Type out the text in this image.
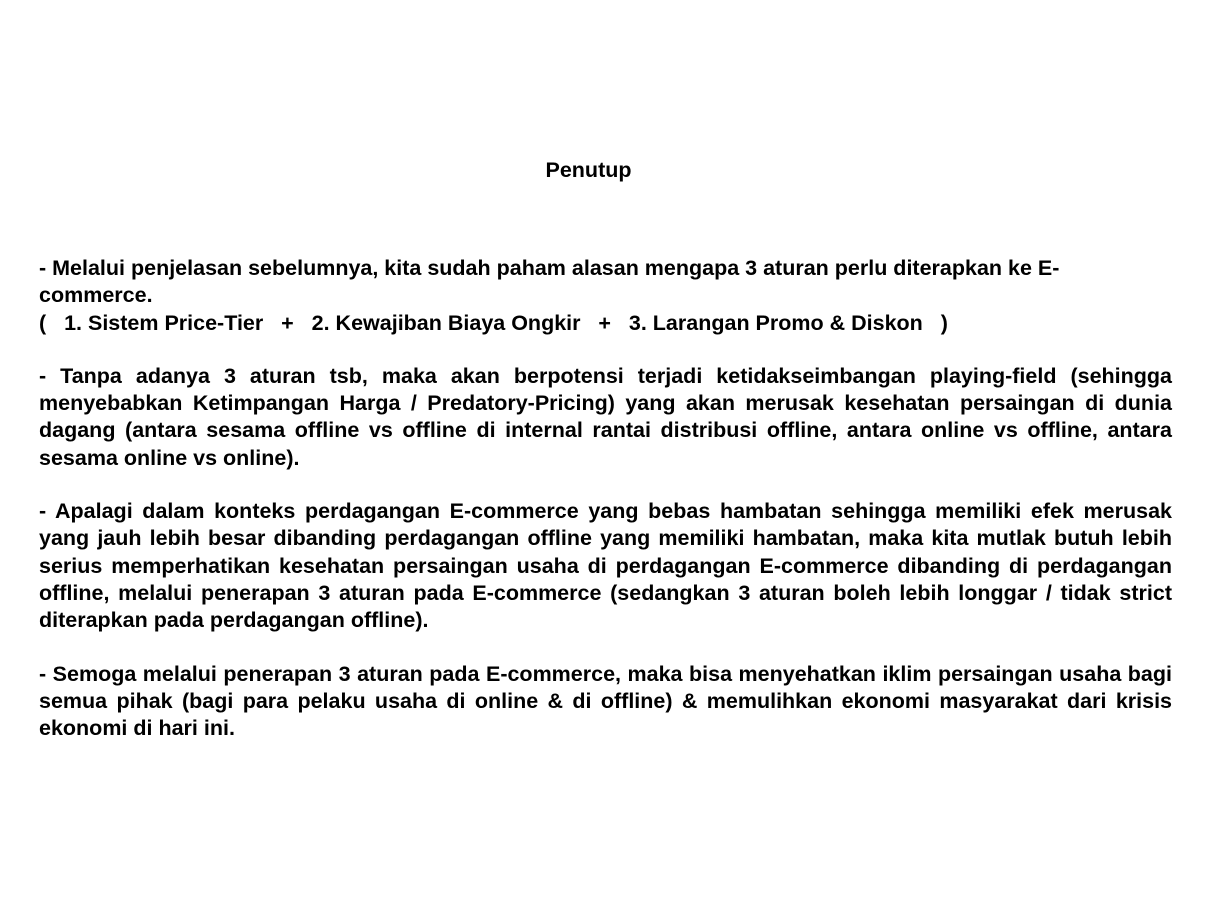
Penutup

- Melalui penjelasan sebelumnya, kita sudah paham alasan mengapa 3 aturan perlu diterapkan ke E-commerce.
(   1. Sistem Price-Tier   +   2. Kewajiban Biaya Ongkir   +   3. Larangan Promo & Diskon   )

- Tanpa adanya 3 aturan tsb, maka akan berpotensi terjadi ketidakseimbangan playing-field (sehingga menyebabkan Ketimpangan Harga / Predatory-Pricing) yang akan merusak kesehatan persaingan di dunia dagang (antara sesama offline vs offline di internal rantai distribusi offline, antara online vs offline, antara sesama online vs online).

- Apalagi dalam konteks perdagangan E-commerce yang bebas hambatan sehingga memiliki efek merusak yang jauh lebih besar dibanding perdagangan offline yang memiliki hambatan, maka kita mutlak butuh lebih serius memperhatikan kesehatan persaingan usaha di perdagangan E-commerce dibanding di perdagangan offline, melalui penerapan 3 aturan pada E-commerce (sedangkan 3 aturan boleh lebih longgar / tidak strict diterapkan pada perdagangan offline).

- Semoga melalui penerapan 3 aturan pada E-commerce, maka bisa menyehatkan iklim persaingan usaha bagi semua pihak (bagi para pelaku usaha di online & di offline) & memulihkan ekonomi masyarakat dari krisis ekonomi di hari ini.
